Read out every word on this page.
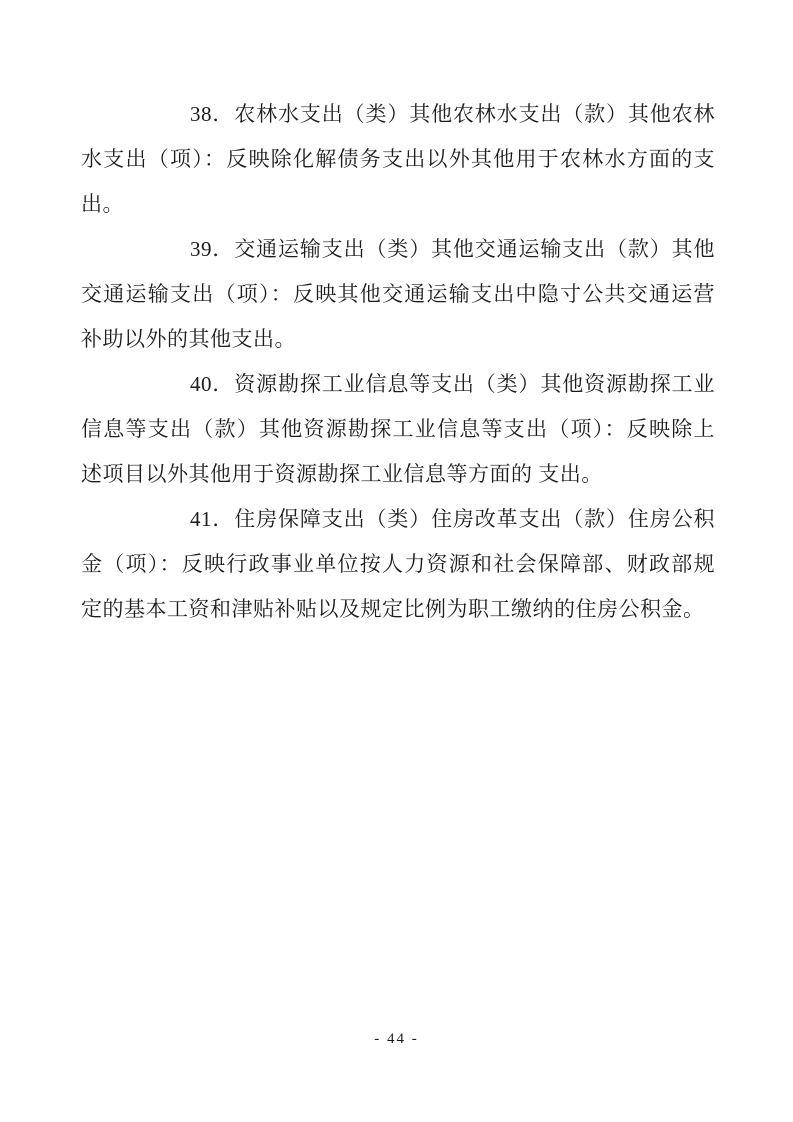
38．农林水支出（类）其他农林水支出（款）其他农林水支出（项）：反映除化解债务支出以外其他用于农林水方面的支出。

39．交通运输支出（类）其他交通运输支出（款）其他交通运输支出（项）：反映其他交通运输支出中隐寸公共交通运营补助以外的其他支出。

40．资源勘探工业信息等支出（类）其他资源勘探工业信息等支出（款）其他资源勘探工业信息等支出（项）：反映除上述项目以外其他用于资源勘探工业信息等方面的 支出。

41．住房保障支出（类）住房改革支出（款）住房公积金（项）：反映行政事业单位按人力资源和社会保障部、财政部规定的基本工资和津贴补贴以及规定比例为职工缴纳的住房公积金。

- 44 -
